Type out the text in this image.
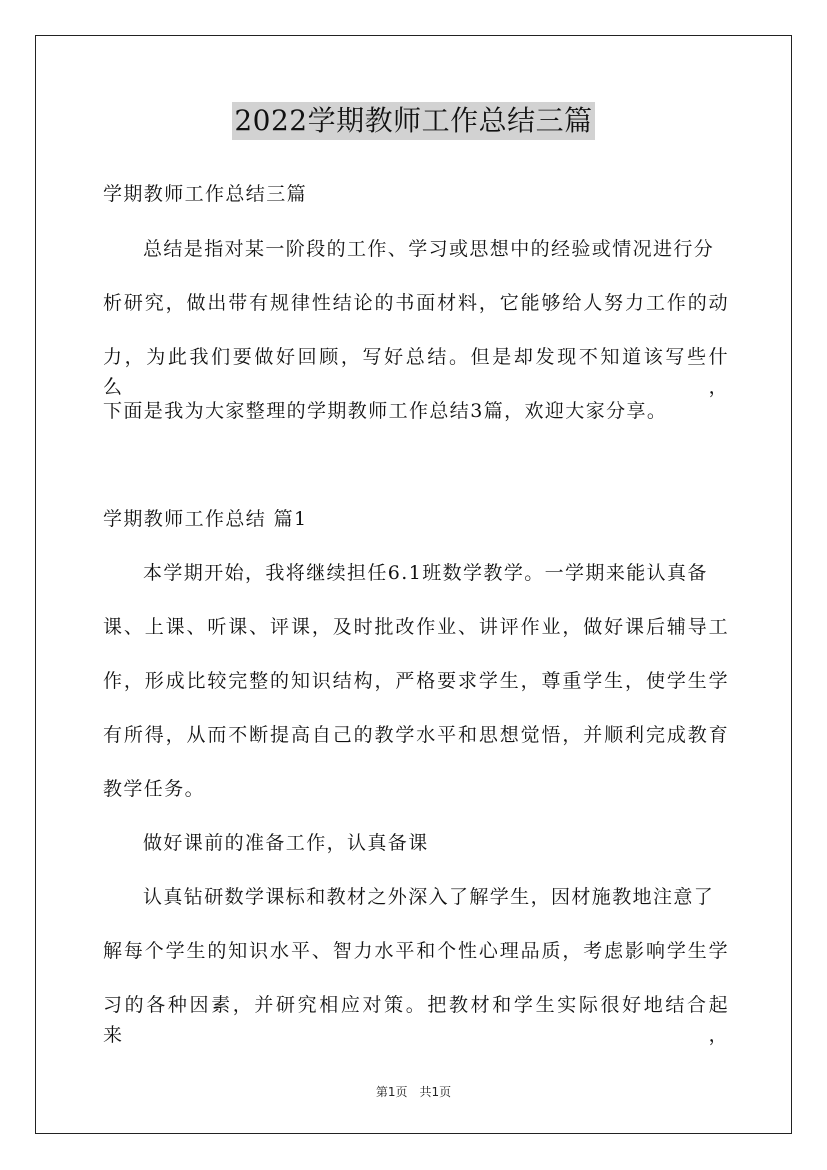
2022学期教师工作总结三篇
学期教师工作总结三篇
总结是指对某一阶段的工作、学习或思想中的经验或情况进行分
析研究，做出带有规律性结论的书面材料，它能够给人努力工作的动
力，为此我们要做好回顾，写好总结。但是却发现不知道该写些什么，
下面是我为大家整理的学期教师工作总结3篇，欢迎大家分享。
学期教师工作总结 篇1
本学期开始，我将继续担任6.1班数学教学。一学期来能认真备
课、上课、听课、评课，及时批改作业、讲评作业，做好课后辅导工
作，形成比较完整的知识结构，严格要求学生，尊重学生，使学生学
有所得，从而不断提高自己的教学水平和思想觉悟，并顺利完成教育
教学任务。
做好课前的准备工作，认真备课
认真钻研数学课标和教材之外深入了解学生，因材施教地注意了
解每个学生的知识水平、智力水平和个性心理品质，考虑影响学生学
习的各种因素，并研究相应对策。把教材和学生实际很好地结合起来，
第1页　共1页
